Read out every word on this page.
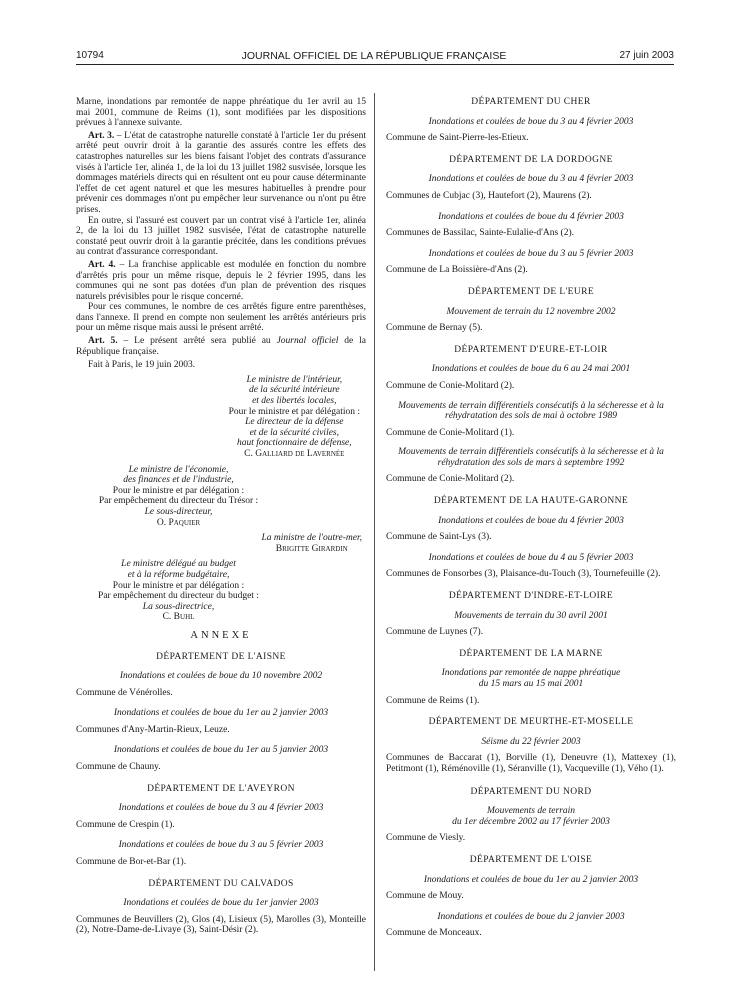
10794	JOURNAL OFFICIEL DE LA RÉPUBLIQUE FRANÇAISE	27 juin 2003

Marne, inondations par remontée de nappe phréatique du 1er avril au 15 mai 2001, commune de Reims (1), sont modifiées par les dispositions prévues à l'annexe suivante.

Art. 3. – L'état de catastrophe naturelle constaté à l'article 1er du présent arrêté peut ouvrir droit à la garantie des assurés contre les effets des catastrophes naturelles sur les biens faisant l'objet des contrats d'assurance visés à l'article 1er, alinéa 1, de la loi du 13 juillet 1982 susvisée, lorsque les dommages matériels directs qui en résultent ont eu pour cause déterminante l'effet de cet agent naturel et que les mesures habituelles à prendre pour prévenir ces dommages n'ont pu empêcher leur survenance ou n'ont pu être prises.

En outre, si l'assuré est couvert par un contrat visé à l'article 1er, alinéa 2, de la loi du 13 juillet 1982 susvisée, l'état de catastrophe naturelle constaté peut ouvrir droit à la garantie précitée, dans les conditions prévues au contrat d'assurance correspondant.

Art. 4. – La franchise applicable est modulée en fonction du nombre d'arrêtés pris pour un même risque, depuis le 2 février 1995, dans les communes qui ne sont pas dotées d'un plan de prévention des risques naturels prévisibles pour le risque concerné.

Pour ces communes, le nombre de ces arrêtés figure entre parenthèses, dans l'annexe. Il prend en compte non seulement les arrêtés antérieurs pris pour un même risque mais aussi le présent arrêté.

Art. 5. – Le présent arrêté sera publié au Journal officiel de la République française.

Fait à Paris, le 19 juin 2003.

Le ministre de l'intérieur,

de la sécurité intérieure

et des libertés locales,

Pour le ministre et par délégation :

Le directeur de la défense

et de la sécurité civiles,

haut fonctionnaire de défense,

C. Galliard de Lavernée

Le ministre de l'économie,

des finances et de l'industrie,

Pour le ministre et par délégation :

Par empêchement du directeur du Trésor :

Le sous-directeur,

O. Paquier

La ministre de l'outre-mer,

Brigitte Girardin

Le ministre délégué au budget

et à la réforme budgétaire,

Pour le ministre et par délégation :

Par empêchement du directeur du budget :

La sous-directrice,

C. Buhl

ANNEXE

DÉPARTEMENT DE L'AISNE

Inondations et coulées de boue du 10 novembre 2002

Commune de Vénérolles.

Inondations et coulées de boue du 1er au 2 janvier 2003

Communes d'Any-Martin-Rieux, Leuze.

Inondations et coulées de boue du 1er au 5 janvier 2003

Commune de Chauny.

DÉPARTEMENT DE L'AVEYRON

Inondations et coulées de boue du 3 au 4 février 2003

Commune de Crespin (1).

Inondations et coulées de boue du 3 au 5 février 2003

Commune de Bor-et-Bar (1).

DÉPARTEMENT DU CALVADOS

Inondations et coulées de boue du 1er janvier 2003

Communes de Beuvillers (2), Glos (4), Lisieux (5), Marolles (3), Monteille (2), Notre-Dame-de-Livaye (3), Saint-Désir (2).

DÉPARTEMENT DU CHER

Inondations et coulées de boue du 3 au 4 février 2003

Commune de Saint-Pierre-les-Etieux.

DÉPARTEMENT DE LA DORDOGNE

Inondations et coulées de boue du 3 au 4 février 2003

Communes de Cubjac (3), Hautefort (2), Maurens (2).

Inondations et coulées de boue du 4 février 2003

Communes de Bassilac, Sainte-Eulalie-d'Ans (2).

Inondations et coulées de boue du 3 au 5 février 2003

Commune de La Boissière-d'Ans (2).

DÉPARTEMENT DE L'EURE

Mouvement de terrain du 12 novembre 2002

Commune de Bernay (5).

DÉPARTEMENT D'EURE-ET-LOIR

Inondations et coulées de boue du 6 au 24 mai 2001

Commune de Conie-Molitard (2).

Mouvements de terrain différentiels consécutifs à la sécheresse et à la réhydratation des sols de mai à octobre 1989

Commune de Conie-Molitard (1).

Mouvements de terrain différentiels consécutifs à la sécheresse et à la réhydratation des sols de mars à septembre 1992

Commune de Conie-Molitard (2).

DÉPARTEMENT DE LA HAUTE-GARONNE

Inondations et coulées de boue du 4 février 2003

Commune de Saint-Lys (3).

Inondations et coulées de boue du 4 au 5 février 2003

Communes de Fonsorbes (3), Plaisance-du-Touch (3), Tournefeuille (2).

DÉPARTEMENT D'INDRE-ET-LOIRE

Mouvements de terrain du 30 avril 2001

Commune de Luynes (7).

DÉPARTEMENT DE LA MARNE

Inondations par remontée de nappe phréatique

du 15 mars au 15 mai 2001

Commune de Reims (1).

DÉPARTEMENT DE MEURTHE-ET-MOSELLE

Séisme du 22 février 2003

Communes de Baccarat (1), Borville (1), Deneuvre (1), Mattexey (1), Petitmont (1), Réménoville (1), Séranville (1), Vacqueville (1), Vého (1).

DÉPARTEMENT DU NORD

Mouvements de terrain

du 1er décembre 2002 au 17 février 2003

Commune de Viesly.

DÉPARTEMENT DE L'OISE

Inondations et coulées de boue du 1er au 2 janvier 2003

Commune de Mouy.

Inondations et coulées de boue du 2 janvier 2003

Commune de Monceaux.
